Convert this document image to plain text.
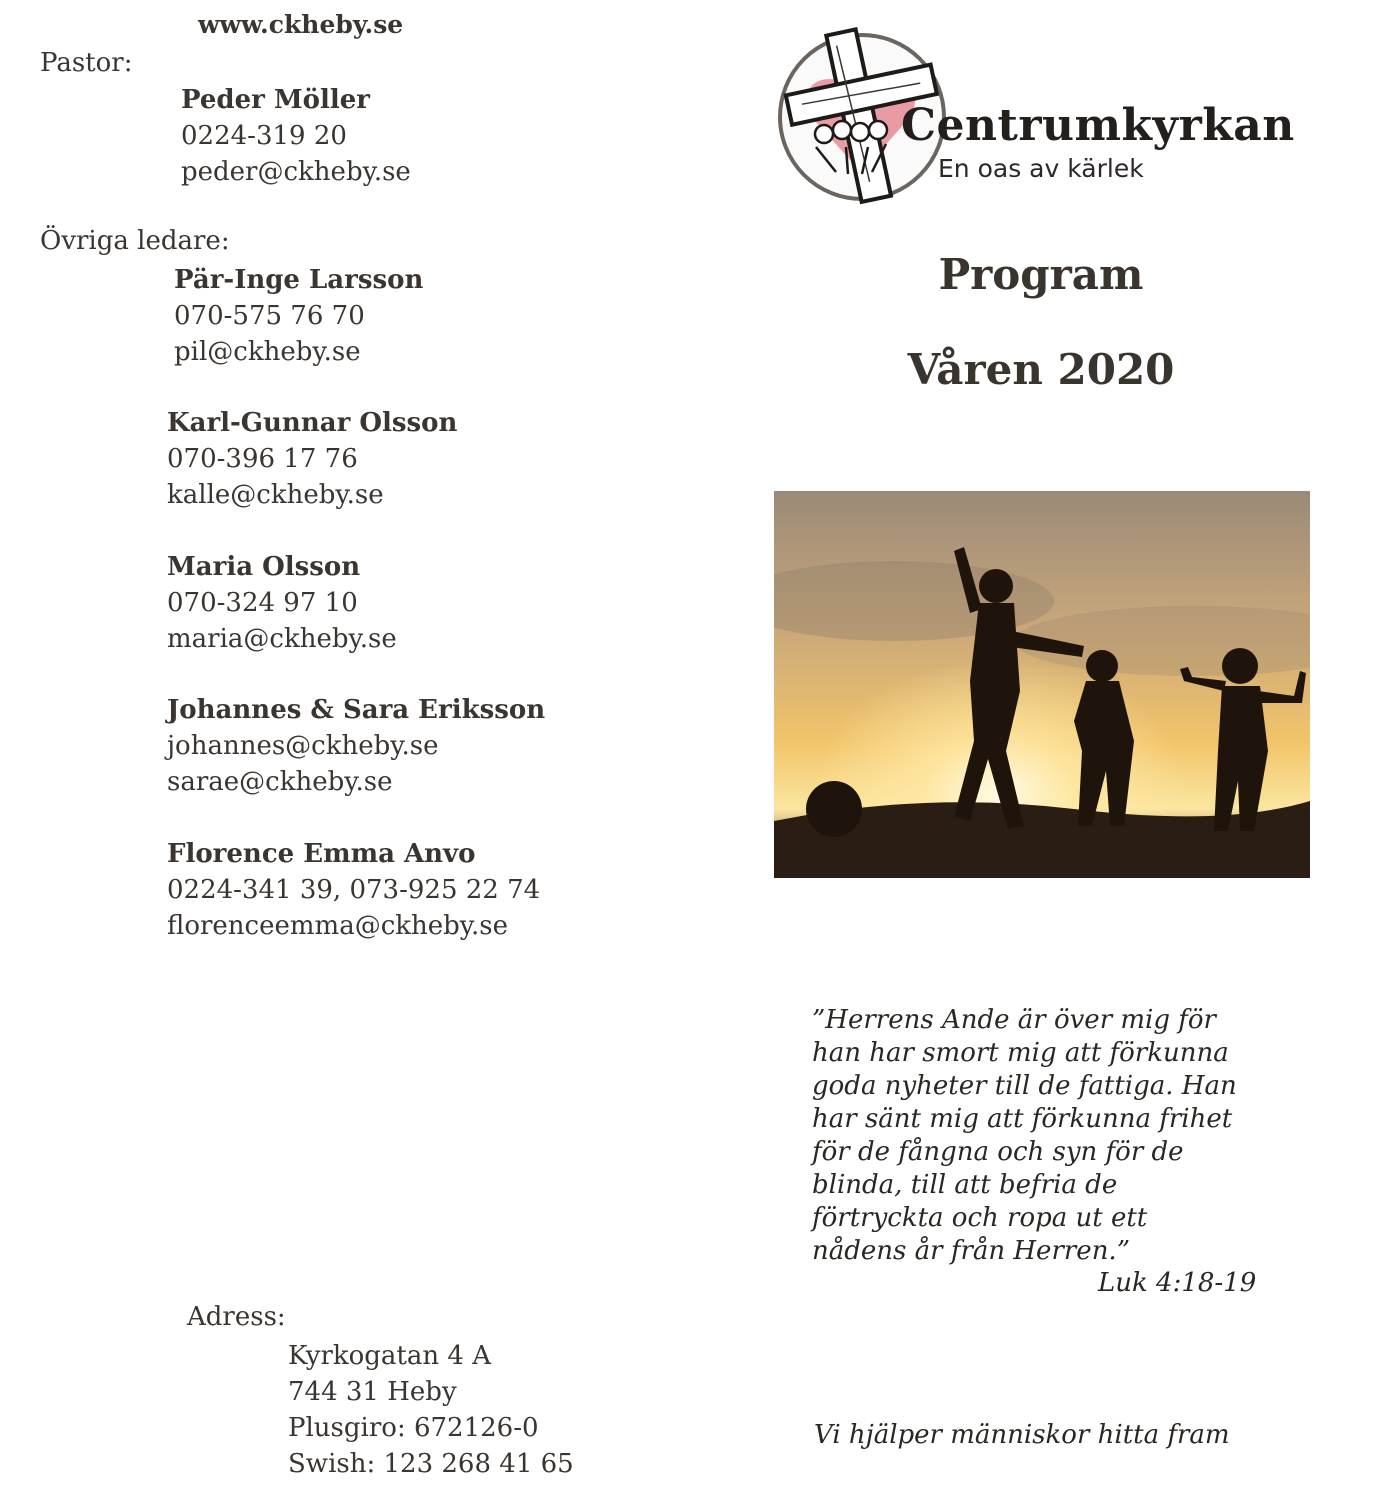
www.ckheby.se
Pastor:
Peder Möller
0224-319 20
peder@ckheby.se
Övriga ledare:
Pär-Inge Larsson
070-575 76 70
pil@ckheby.se
Karl-Gunnar Olsson
070-396 17 76
kalle@ckheby.se
Maria Olsson
070-324 97 10
maria@ckheby.se
Johannes & Sara Eriksson
johannes@ckheby.se
sarae@ckheby.se
Florence Emma Anvo
0224-341 39, 073-925 22 74
florenceemma@ckheby.se
Adress:
Kyrkogatan 4 A
744 31 Heby
Plusgiro: 672126-0
Swish: 123 268 41 65
Centrumkyrkan
En oas av kärlek
Program
Våren 2020
”Herrens Ande är över mig för
han har smort mig att förkunna
goda nyheter till de fattiga. Han
har sänt mig att förkunna frihet
för de fångna och syn för de
blinda, till att befria de
förtryckta och ropa ut ett
nådens år från Herren.”
Luk 4:18-19
Vi hjälper människor hitta fram
